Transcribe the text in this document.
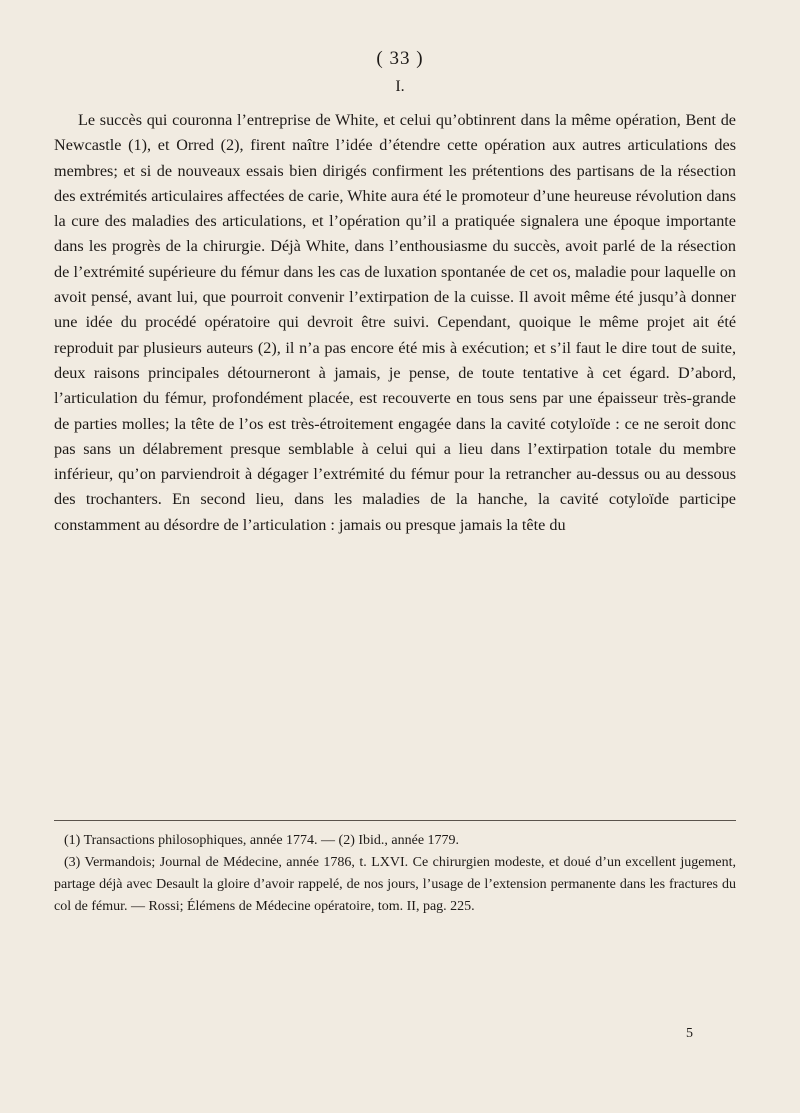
( 33 )
I.

Le succès qui couronna l’entreprise de White, et celui qu’obtinrent dans la même opération, Bent de Newcastle (1), et Orred (2), firent naître l’idée d’étendre cette opération aux autres articulations des membres; et si de nouveaux essais bien dirigés confirment les prétentions des partisans de la résection des extrémités articulaires affectées de carie, White aura été le promoteur d’une heureuse révolution dans la cure des maladies des articulations, et l’opération qu’il a pratiquée signalera une époque importante dans les progrès de la chirurgie. Déjà White, dans l’enthousiasme du succès, avoit parlé de la résection de l’extrémité supérieure du fémur dans les cas de luxation spontanée de cet os, maladie pour laquelle on avoit pensé, avant lui, que pourroit convenir l’extirpation de la cuisse. Il avoit même été jusqu’à donner une idée du procédé opératoire qui devroit être suivi. Cependant, quoique le même projet ait été reproduit par plusieurs auteurs (2), il n’a pas encore été mis à exécution; et s’il faut le dire tout de suite, deux raisons principales détourneront à jamais, je pense, de toute tentative à cet égard. D’abord, l’articulation du fémur, profondément placée, est recouverte en tous sens par une épaisseur très-grande de parties molles; la tête de l’os est très-étroitement engagée dans la cavité cotyloïde : ce ne seroit donc pas sans un délabrement presque semblable à celui qui a lieu dans l’extirpation totale du membre inférieur, qu’on parviendroit à dégager l’extrémité du fémur pour la retrancher au-dessus ou au dessous des trochanters. En second lieu, dans les maladies de la hanche, la cavité cotyloïde participe constamment au désordre de l’articulation : jamais ou presque jamais la tête du

(1) Transactions philosophiques, année 1774. — (2) Ibid., année 1779.

(3) Vermandois; Journal de Médecine, année 1786, t. LXVI. Ce chirurgien modeste, et doué d’un excellent jugement, partage déjà avec Desault la gloire d’avoir rappelé, de nos jours, l’usage de l’extension permanente dans les fractures du col de fémur. — Rossi; Élémens de Médecine opératoire, tom. II, pag. 225.

5
